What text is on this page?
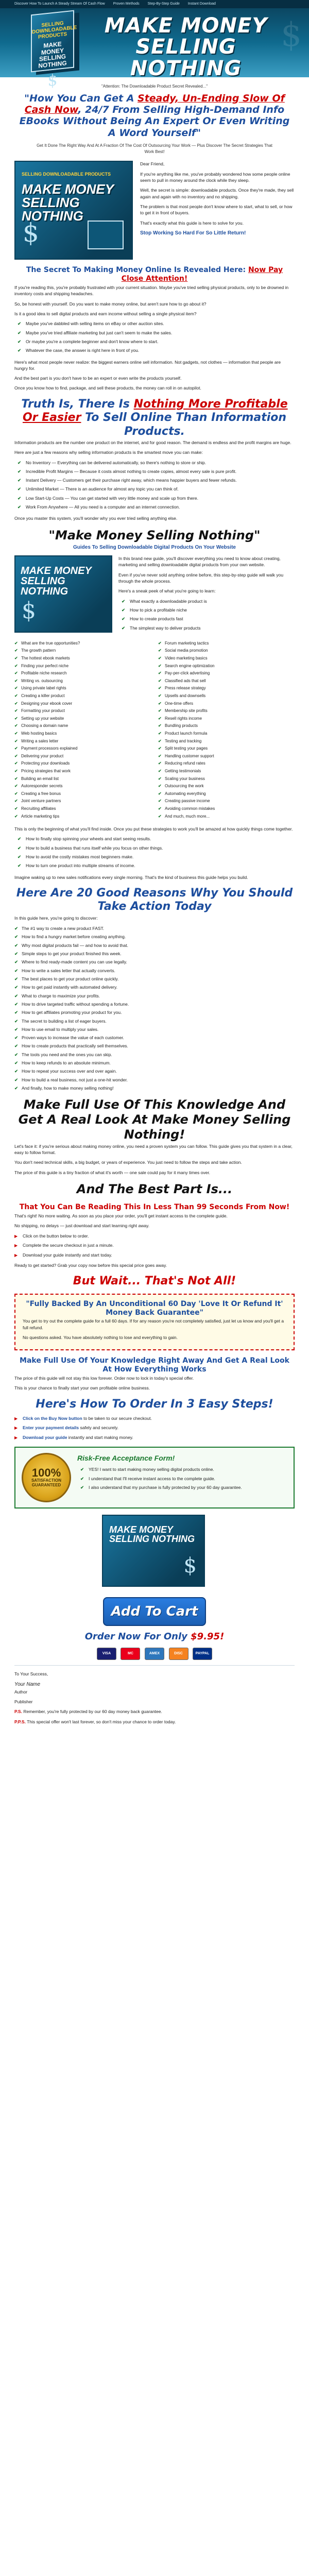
Discover How To Launch A Steady Stream Of Cash Flow Proven Methods Step-By-Step Guide Instant Download
SELLING DOWNLOADABLE PRODUCTS
MAKE MONEY SELLING NOTHING
$
MAKE MONEY
SELLING NOTHING
$
"Attention: The Downloadable Product Secret Revealed..."
"How You Can Get A Steady, Un-Ending Slow Of Cash Now, 24/7 From Selling High-Demand Info EBooks Without Being An Expert Or Even Writing A Word Yourself"
Get It Done The Right Way And At A Fraction Of The Cost Of Outsourcing Your Work — Plus Discover The Secret Strategies That Work Best!
SELLING DOWNLOADABLE PRODUCTS
MAKE MONEY SELLING NOTHING
$

Dear Friend,

If you're anything like me, you've probably wondered how some people online seem to pull in money around the clock while they sleep.

Well, the secret is simple: downloadable products. Once they're made, they sell again and again with no inventory and no shipping.

The problem is that most people don't know where to start, what to sell, or how to get it in front of buyers.

That's exactly what this guide is here to solve for you.

Stop Working So Hard For So Little Return!

The Secret To Making Money Online Is Revealed Here: Now Pay Close Attention!

If you're reading this, you're probably frustrated with your current situation. Maybe you've tried selling physical products, only to be drowned in inventory costs and shipping headaches.

So, be honest with yourself. Do you want to make money online, but aren't sure how to go about it?

Is it a good idea to sell digital products and earn income without selling a single physical item?

✔ Maybe you've dabbled with selling items on eBay or other auction sites.
✔ Maybe you've tried affiliate marketing but just can't seem to make the sales.
✔ Or maybe you're a complete beginner and don't know where to start.
✔ Whatever the case, the answer is right here in front of you.

Here's what most people never realize: the biggest earners online sell information. Not gadgets, not clothes — information that people are hungry for.

And the best part is you don't have to be an expert or even write the products yourself.

Once you know how to find, package, and sell these products, the money can roll in on autopilot.

Truth Is, There Is Nothing More Profitable Or Easier To Sell Online Than Information Products.

Information products are the number one product on the internet, and for good reason. The demand is endless and the profit margins are huge.

Here are just a few reasons why selling information products is the smartest move you can make:

✔ No Inventory — Everything can be delivered automatically, so there's nothing to store or ship.
✔ Incredible Profit Margins — Because it costs almost nothing to create copies, almost every sale is pure profit.
✔ Instant Delivery — Customers get their purchase right away, which means happier buyers and fewer refunds.
✔ Unlimited Market — There is an audience for almost any topic you can think of.
✔ Low Start-Up Costs — You can get started with very little money and scale up from there.
✔ Work From Anywhere — All you need is a computer and an internet connection.

Once you master this system, you'll wonder why you ever tried selling anything else.

"Make Money Selling Nothing"
Guides To Selling Downloadable Digital Products On Your Website
MAKE MONEY SELLING NOTHING
$

In this brand new guide, you'll discover everything you need to know about creating, marketing and selling downloadable digital products from your own website.

Even if you've never sold anything online before, this step-by-step guide will walk you through the whole process.

Here's a sneak peek of what you're going to learn:

✔ What exactly a downloadable product is
✔ How to pick a profitable niche
✔ How to create products fast
✔ The simplest way to deliver products
✔ What are the true opportunities?
✔ The growth pattern
✔ The hottest ebook markets
✔ Finding your perfect niche
✔ Profitable niche research
✔ Writing vs. outsourcing
✔ Using private label rights
✔ Creating a killer product
✔ Designing your ebook cover
✔ Formatting your product
✔ Setting up your website
✔ Choosing a domain name
✔ Web hosting basics
✔ Writing a sales letter
✔ Payment processors explained
✔ Delivering your product
✔ Protecting your downloads
✔ Pricing strategies that work
✔ Building an email list
✔ Autoresponder secrets
✔ Creating a free bonus
✔ Joint venture partners
✔ Recruiting affiliates
✔ Article marketing tips
✔ Forum marketing tactics
✔ Social media promotion
✔ Video marketing basics
✔ Search engine optimization
✔ Pay-per-click advertising
✔ Classified ads that sell
✔ Press release strategy
✔ Upsells and downsells
✔ One-time offers
✔ Membership site profits
✔ Resell rights income
✔ Bundling products
✔ Product launch formula
✔ Testing and tracking
✔ Split testing your pages
✔ Handling customer support
✔ Reducing refund rates
✔ Getting testimonials
✔ Scaling your business
✔ Outsourcing the work
✔ Automating everything
✔ Creating passive income
✔ Avoiding common mistakes
✔ And much, much more...

This is only the beginning of what you'll find inside. Once you put these strategies to work you'll be amazed at how quickly things come together.

✔ How to finally stop spinning your wheels and start seeing results.
✔ How to build a business that runs itself while you focus on other things.
✔ How to avoid the costly mistakes most beginners make.
✔ How to turn one product into multiple streams of income.

Imagine waking up to new sales notifications every single morning. That's the kind of business this guide helps you build.

Here Are 20 Good Reasons Why You Should Take Action Today

In this guide here, you're going to discover:

✔ The #1 way to create a new product FAST.
✔ How to find a hungry market before creating anything.
✔ Why most digital products fail — and how to avoid that.
✔ Simple steps to get your product finished this week.
✔ Where to find ready-made content you can use legally.
✔ How to write a sales letter that actually converts.
✔ The best places to get your product online quickly.
✔ How to get paid instantly with automated delivery.
✔ What to charge to maximize your profits.
✔ How to drive targeted traffic without spending a fortune.
✔ How to get affiliates promoting your product for you.
✔ The secret to building a list of eager buyers.
✔ How to use email to multiply your sales.
✔ Proven ways to increase the value of each customer.
✔ How to create products that practically sell themselves.
✔ The tools you need and the ones you can skip.
✔ How to keep refunds to an absolute minimum.
✔ How to repeat your success over and over again.
✔ How to build a real business, not just a one-hit wonder.
✔ And finally, how to make money selling nothing!
Make Full Use Of This Knowledge And Get A Real Look At Make Money Selling Nothing!

Let's face it: if you're serious about making money online, you need a proven system you can follow. This guide gives you that system in a clear, easy to follow format.

You don't need technical skills, a big budget, or years of experience. You just need to follow the steps and take action.

The price of this guide is a tiny fraction of what it's worth — one sale could pay for it many times over.

And The Best Part Is...
That You Can Be Reading This In Less Than 99 Seconds From Now!

That's right! No more waiting. As soon as you place your order, you'll get instant access to the complete guide.

No shipping, no delays — just download and start learning right away.

▶ Click on the button below to order.
▶ Complete the secure checkout in just a minute.
▶ Download your guide instantly and start today.

Ready to get started? Grab your copy now before this special price goes away.

But Wait... That's Not All!
"Fully Backed By An Unconditional 60 Day 'Love It Or Refund It' Money Back Guarantee"

You get to try out the complete guide for a full 60 days. If for any reason you're not completely satisfied, just let us know and you'll get a full refund.

No questions asked. You have absolutely nothing to lose and everything to gain.

Make Full Use Of Your Knowledge Right Away And Get A Real Look At How Everything Works

The price of this guide will not stay this low forever. Order now to lock in today's special offer.

This is your chance to finally start your own profitable online business.

Here's How To Order In 3 Easy Steps!
▶ Click on the Buy Now button to be taken to our secure checkout.
▶ Enter your payment details safely and securely.
▶ Download your guide instantly and start making money.
100%
SATISFACTION GUARANTEED
Risk-Free Acceptance Form!
✔ YES! I want to start making money selling digital products online.
✔ I understand that I'll receive instant access to the complete guide.
✔ I also understand that my purchase is fully protected by your 60 day guarantee.
MAKE MONEY SELLING NOTHING
$
Add To Cart
Order Now For Only $9.95!
VISA	MC	AMEX	DISC	PAYPAL

To Your Success,

Your Name

Author

Publisher

P.S. Remember, you're fully protected by our 60 day money back guarantee.

P.P.S. This special offer won't last forever, so don't miss your chance to order today.
